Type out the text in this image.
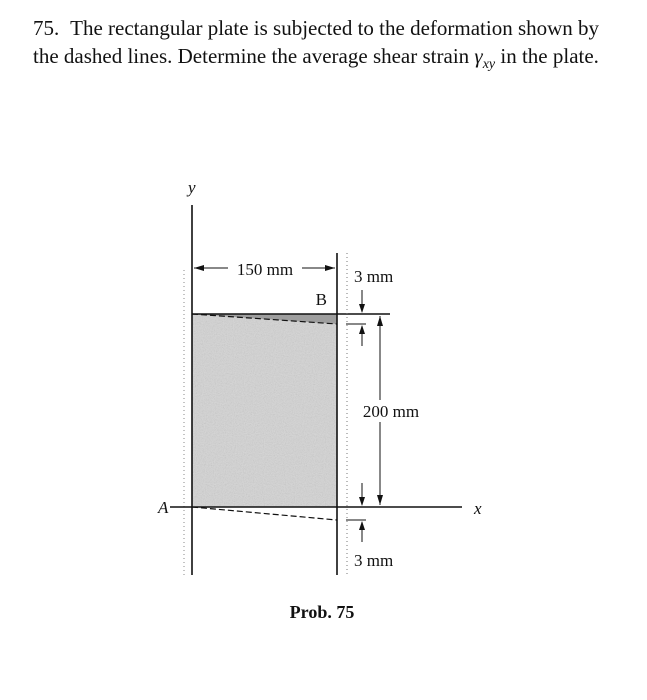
75. The rectangular plate is subjected to the deformation shown by the dashed lines. Determine the average shear strain $\gamma_{xy}$ in the plate.
150 mm
B
3 mm
200 mm
3 mm
y
x
A
Prob. 75
